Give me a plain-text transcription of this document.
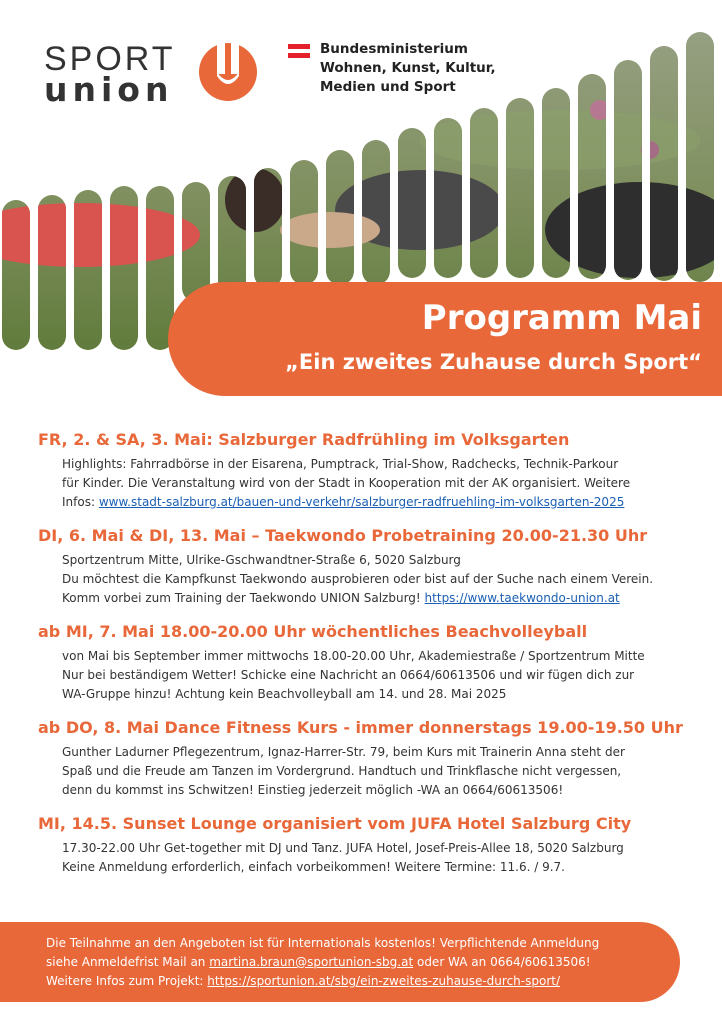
SPORT
union
Bundesministerium
Wohnen, Kunst, Kultur,
Medien und Sport
Programm Mai
„Ein zweites Zuhause durch Sport“
FR, 2. & SA, 3. Mai: Salzburger Radfrühling im Volksgarten

Highlights: Fahrradbörse in der Eisarena, Pumptrack, Trial-Show, Radchecks, Technik-Parkour

für Kinder. Die Veranstaltung wird von der Stadt in Kooperation mit der AK organisiert. Weitere

Infos: www.stadt-salzburg.at/bauen-und-verkehr/salzburger-radfruehling-im-volksgarten-2025

DI, 6. Mai & DI, 13. Mai – Taekwondo Probetraining 20.00-21.30 Uhr

Sportzentrum Mitte, Ulrike-Gschwandtner-Straße 6, 5020 Salzburg

Du möchtest die Kampfkunst Taekwondo ausprobieren oder bist auf der Suche nach einem Verein.

Komm vorbei zum Training der Taekwondo UNION Salzburg! https://www.taekwondo-union.at

ab MI, 7. Mai 18.00-20.00 Uhr wöchentliches Beachvolleyball

von Mai bis September immer mittwochs 18.00-20.00 Uhr, Akademiestraße / Sportzentrum Mitte

Nur bei beständigem Wetter! Schicke eine Nachricht an 0664/60613506 und wir fügen dich zur

WA-Gruppe hinzu! Achtung kein Beachvolleyball am 14. und 28. Mai 2025

ab DO, 8. Mai Dance Fitness Kurs - immer donnerstags 19.00-19.50 Uhr

Gunther Ladurner Pflegezentrum, Ignaz-Harrer-Str. 79, beim Kurs mit Trainerin Anna steht der

Spaß und die Freude am Tanzen im Vordergrund. Handtuch und Trinkflasche nicht vergessen,

denn du kommst ins Schwitzen! Einstieg jederzeit möglich -WA an 0664/60613506!

MI, 14.5. Sunset Lounge organisiert vom JUFA Hotel Salzburg City

17.30-22.00 Uhr Get-together mit DJ und Tanz. JUFA Hotel, Josef-Preis-Allee 18, 5020 Salzburg

Keine Anmeldung erforderlich, einfach vorbeikommen! Weitere Termine: 11.6. / 9.7.

Die Teilnahme an den Angeboten ist für Internationals kostenlos! Verpflichtende Anmeldung
siehe Anmeldefrist Mail an martina.braun@sportunion-sbg.at oder WA an 0664/60613506!
Weitere Infos zum Projekt: https://sportunion.at/sbg/ein-zweites-zuhause-durch-sport/
